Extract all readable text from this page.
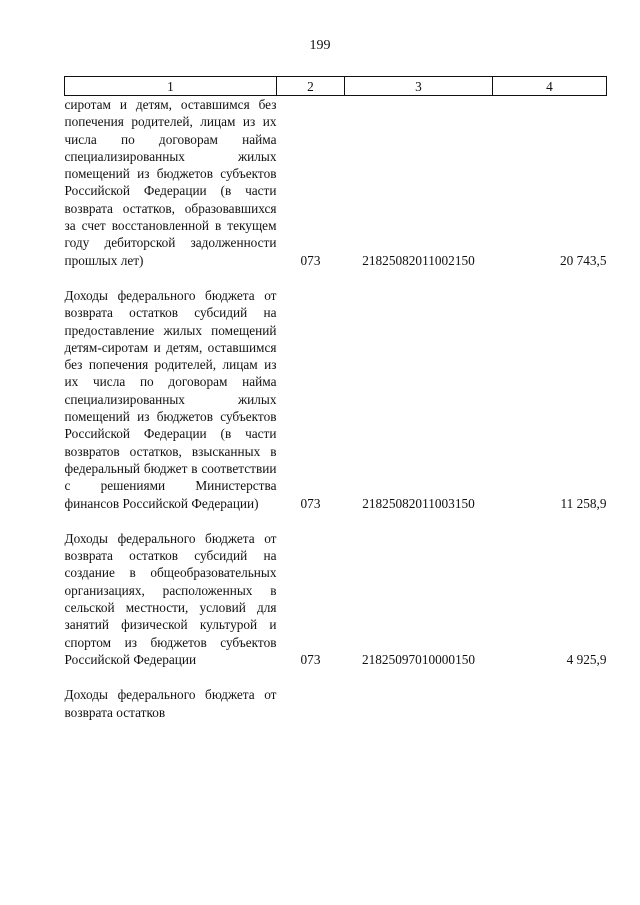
199
1	2	3	4
сиротам и детям, оставшимся без попечения родителей, лицам из их числа по договорам найма специализированных жилых помещений из бюджетов субъектов Российской Федерации (в части возврата остатков, образовавшихся за счет восстановленной в текущем году дебиторской задолженности прошлых лет)	073	21825082011002150	20 743,5
Доходы федерального бюджета от возврата остатков субсидий на предоставление жилых помещений детям-сиротам и детям, оставшимся без попечения родителей, лицам из их числа по договорам найма специализированных жилых помещений из бюджетов субъектов Российской Федерации (в части возвратов остатков, взысканных в федеральный бюджет в соответствии с решениями Министерства финансов Российской Федерации)	073	21825082011003150	11 258,9
Доходы федерального бюджета от возврата остатков субсидий на создание в общеобразовательных организациях, расположенных в сельской местности, условий для занятий физической культурой и спортом из бюджетов субъектов Российской Федерации	073	21825097010000150	4 925,9
Доходы федерального бюджета от возврата остатков			
